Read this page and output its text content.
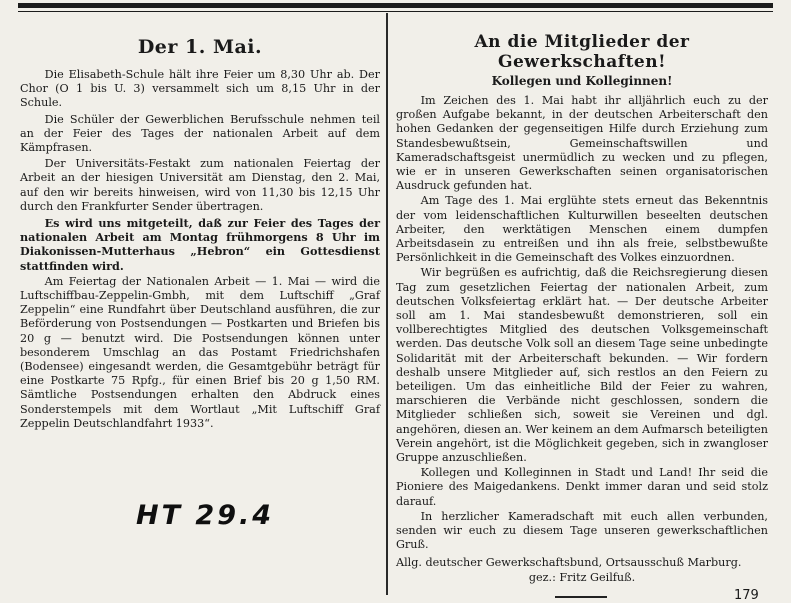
Der 1. Mai.

Die Elisabeth-Schule hält ihre Feier um 8,30 Uhr ab. Der Chor (O 1 bis U. 3) versammelt sich um 8,15 Uhr in der Schule.

Die Schüler der Gewerblichen Berufsschule nehmen teil an der Feier des Tages der nationalen Arbeit auf dem Kämpfrasen.

Der Universitäts-Festakt zum nationalen Feiertag der Arbeit an der hiesigen Universität am Dienstag, den 2. Mai, auf den wir bereits hinweisen, wird von 11,30 bis 12,15 Uhr durch den Frankfurter Sender übertragen.

Es wird uns mitgeteilt, daß zur Feier des Tages der nationalen Arbeit am Montag frühmorgens 8 Uhr im Diakonissen-Mutterhaus „Hebron“ ein Gottesdienst stattfinden wird.

Am Feiertag der Nationalen Arbeit — 1. Mai — wird die Luftschiffbau-Zeppelin-Gmbh, mit dem Luftschiff „Graf Zeppelin“ eine Rundfahrt über Deutschland ausführen, die zur Beförderung von Postsendungen — Postkarten und Briefen bis 20 g — benutzt wird. Die Postsendungen können unter besonderem Umschlag an das Postamt Friedrichshafen (Bodensee) eingesandt werden, die Gesamtgebühr beträgt für eine Postkarte 75 Rpfg., für einen Brief bis 20 g 1,50 RM. Sämtliche Postsendungen erhalten den Abdruck eines Sonderstempels mit dem Wortlaut „Mit Luftschiff Graf Zeppelin Deutschlandfahrt 1933“.

HT 29.4
An die Mitglieder der Gewerkschaften!
Kollegen und Kolleginnen!

Im Zeichen des 1. Mai habt ihr alljährlich euch zu der großen Aufgabe bekannt, in der deutschen Arbeiterschaft den hohen Gedanken der gegenseitigen Hilfe durch Erziehung zum Standesbewußtsein, Gemeinschaftswillen und Kameradschaftsgeist unermüdlich zu wecken und zu pflegen, wie er in unseren Gewerkschaften seinen organisatorischen Ausdruck gefunden hat.

Am Tage des 1. Mai erglühte stets erneut das Bekenntnis der vom leidenschaftlichen Kulturwillen beseelten deutschen Arbeiter, den werktätigen Menschen einem dumpfen Arbeitsdasein zu entreißen und ihn als freie, selbstbewußte Persönlichkeit in die Gemeinschaft des Volkes einzuordnen.

Wir begrüßen es aufrichtig, daß die Reichsregierung diesen Tag zum gesetzlichen Feiertag der nationalen Arbeit, zum deutschen Volksfeiertag erklärt hat. — Der deutsche Arbeiter soll am 1. Mai standesbewußt demonstrieren, soll ein vollberechtigtes Mitglied des deutschen Volksgemeinschaft werden. Das deutsche Volk soll an diesem Tage seine unbedingte Solidarität mit der Arbeiterschaft bekunden. — Wir fordern deshalb unsere Mitglieder auf, sich restlos an den Feiern zu beteiligen. Um das einheitliche Bild der Feier zu wahren, marschieren die Verbände nicht geschlossen, sondern die Mitglieder schließen sich, soweit sie Vereinen und dgl. angehören, diesen an. Wer keinem an dem Aufmarsch beteiligten Verein angehört, ist die Möglichkeit gegeben, sich in zwangloser Gruppe anzuschließen.

Kollegen und Kolleginnen in Stadt und Land! Ihr seid die Pioniere des Maigedankens. Denkt immer daran und seid stolz darauf.

In herzlicher Kameradschaft mit euch allen verbunden, senden wir euch zu diesem Tage unseren gewerkschaftlichen Gruß.

Allg. deutscher Gewerkschaftsbund, Ortsausschuß Marburg.

gez.: Fritz Geilfuß.

179
